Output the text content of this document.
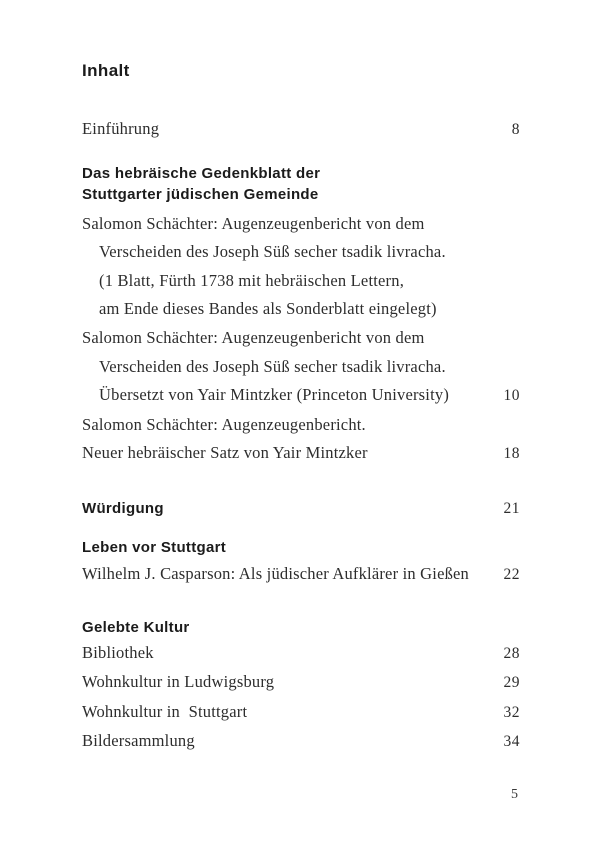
Inhalt
Einführung	8
Das hebräische Gedenkblatt der
Stuttgarter jüdischen Gemeinde
Salomon Schächter: Augenzeugenbericht von dem
Verscheiden des Joseph Süß secher tsadik livracha.
(1 Blatt, Fürth 1738 mit hebräischen Lettern,
am Ende dieses Bandes als Sonderblatt eingelegt)
Salomon Schächter: Augenzeugenbericht von dem
Verscheiden des Joseph Süß secher tsadik livracha.
Übersetzt von Yair Mintzker (Princeton University)	10
Salomon Schächter: Augenzeugenbericht.
Neuer hebräischer Satz von Yair Mintzker	18
Würdigung	21
Leben vor Stuttgart
Wilhelm J. Casparson: Als jüdischer Aufklärer in Gießen	22
Gelebte Kultur
Bibliothek	28
Wohnkultur in Ludwigsburg	29
Wohnkultur in  Stuttgart	32
Bildersammlung	34
5
